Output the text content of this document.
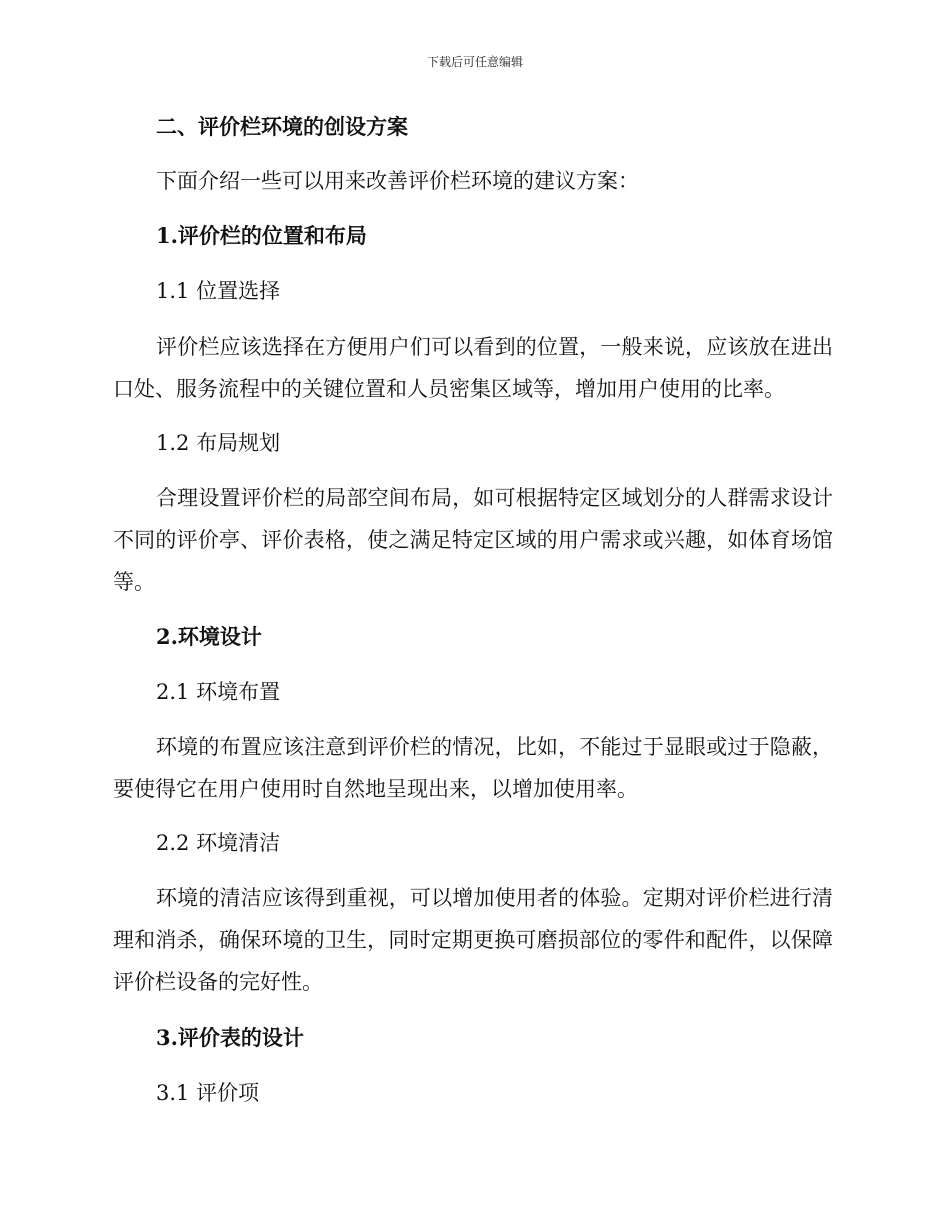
下载后可任意编辑
二、评价栏环境的创设方案
下面介绍一些可以用来改善评价栏环境的建议方案：
1.评价栏的位置和布局
1.1 位置选择
评价栏应该选择在方便用户们可以看到的位置，一般来说，应该放在进出口处、服务流程中的关键位置和人员密集区域等，增加用户使用的比率。
1.2 布局规划
合理设置评价栏的局部空间布局，如可根据特定区域划分的人群需求设计不同的评价亭、评价表格，使之满足特定区域的用户需求或兴趣，如体育场馆等。
2.环境设计
2.1 环境布置
环境的布置应该注意到评价栏的情况，比如，不能过于显眼或过于隐蔽，要使得它在用户使用时自然地呈现出来，以增加使用率。
2.2 环境清洁
环境的清洁应该得到重视，可以增加使用者的体验。定期对评价栏进行清理和消杀，确保环境的卫生，同时定期更换可磨损部位的零件和配件，以保障评价栏设备的完好性。
3.评价表的设计
3.1 评价项
